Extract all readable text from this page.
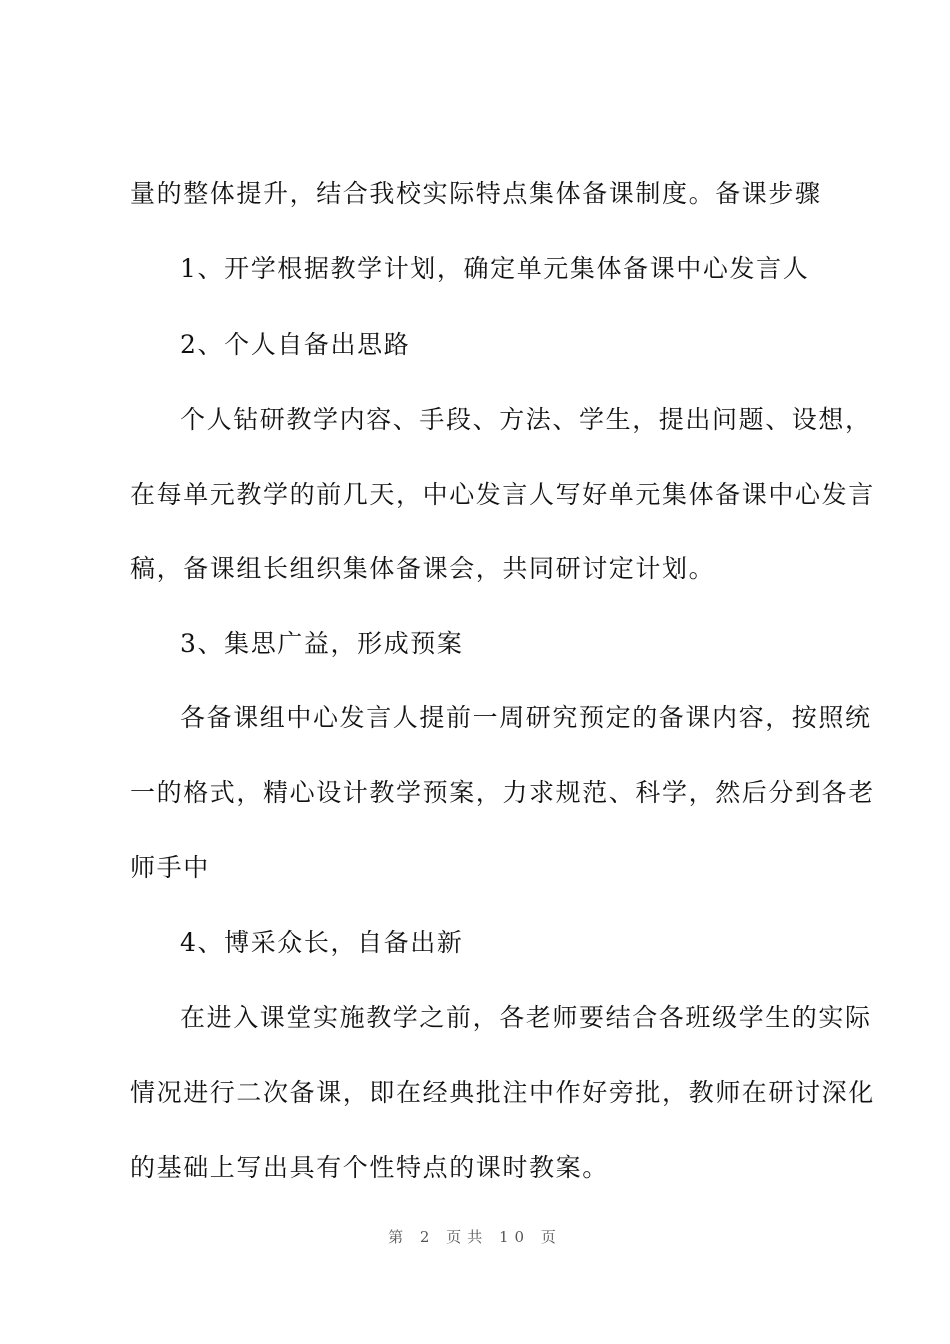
量的整体提升，结合我校实际特点集体备课制度。备课步骤
1、开学根据教学计划，确定单元集体备课中心发言人
2、个人自备出思路
个人钻研教学内容、手段、方法、学生，提出问题、设想，
在每单元教学的前几天，中心发言人写好单元集体备课中心发言
稿，备课组长组织集体备课会，共同研讨定计划。
3、集思广益，形成预案
各备课组中心发言人提前一周研究预定的备课内容，按照统
一的格式，精心设计教学预案，力求规范、科学，然后分到各老
师手中
4、博采众长，自备出新
在进入课堂实施教学之前，各老师要结合各班级学生的实际
情况进行二次备课，即在经典批注中作好旁批，教师在研讨深化
的基础上写出具有个性特点的课时教案。
第 2 页共 10 页
